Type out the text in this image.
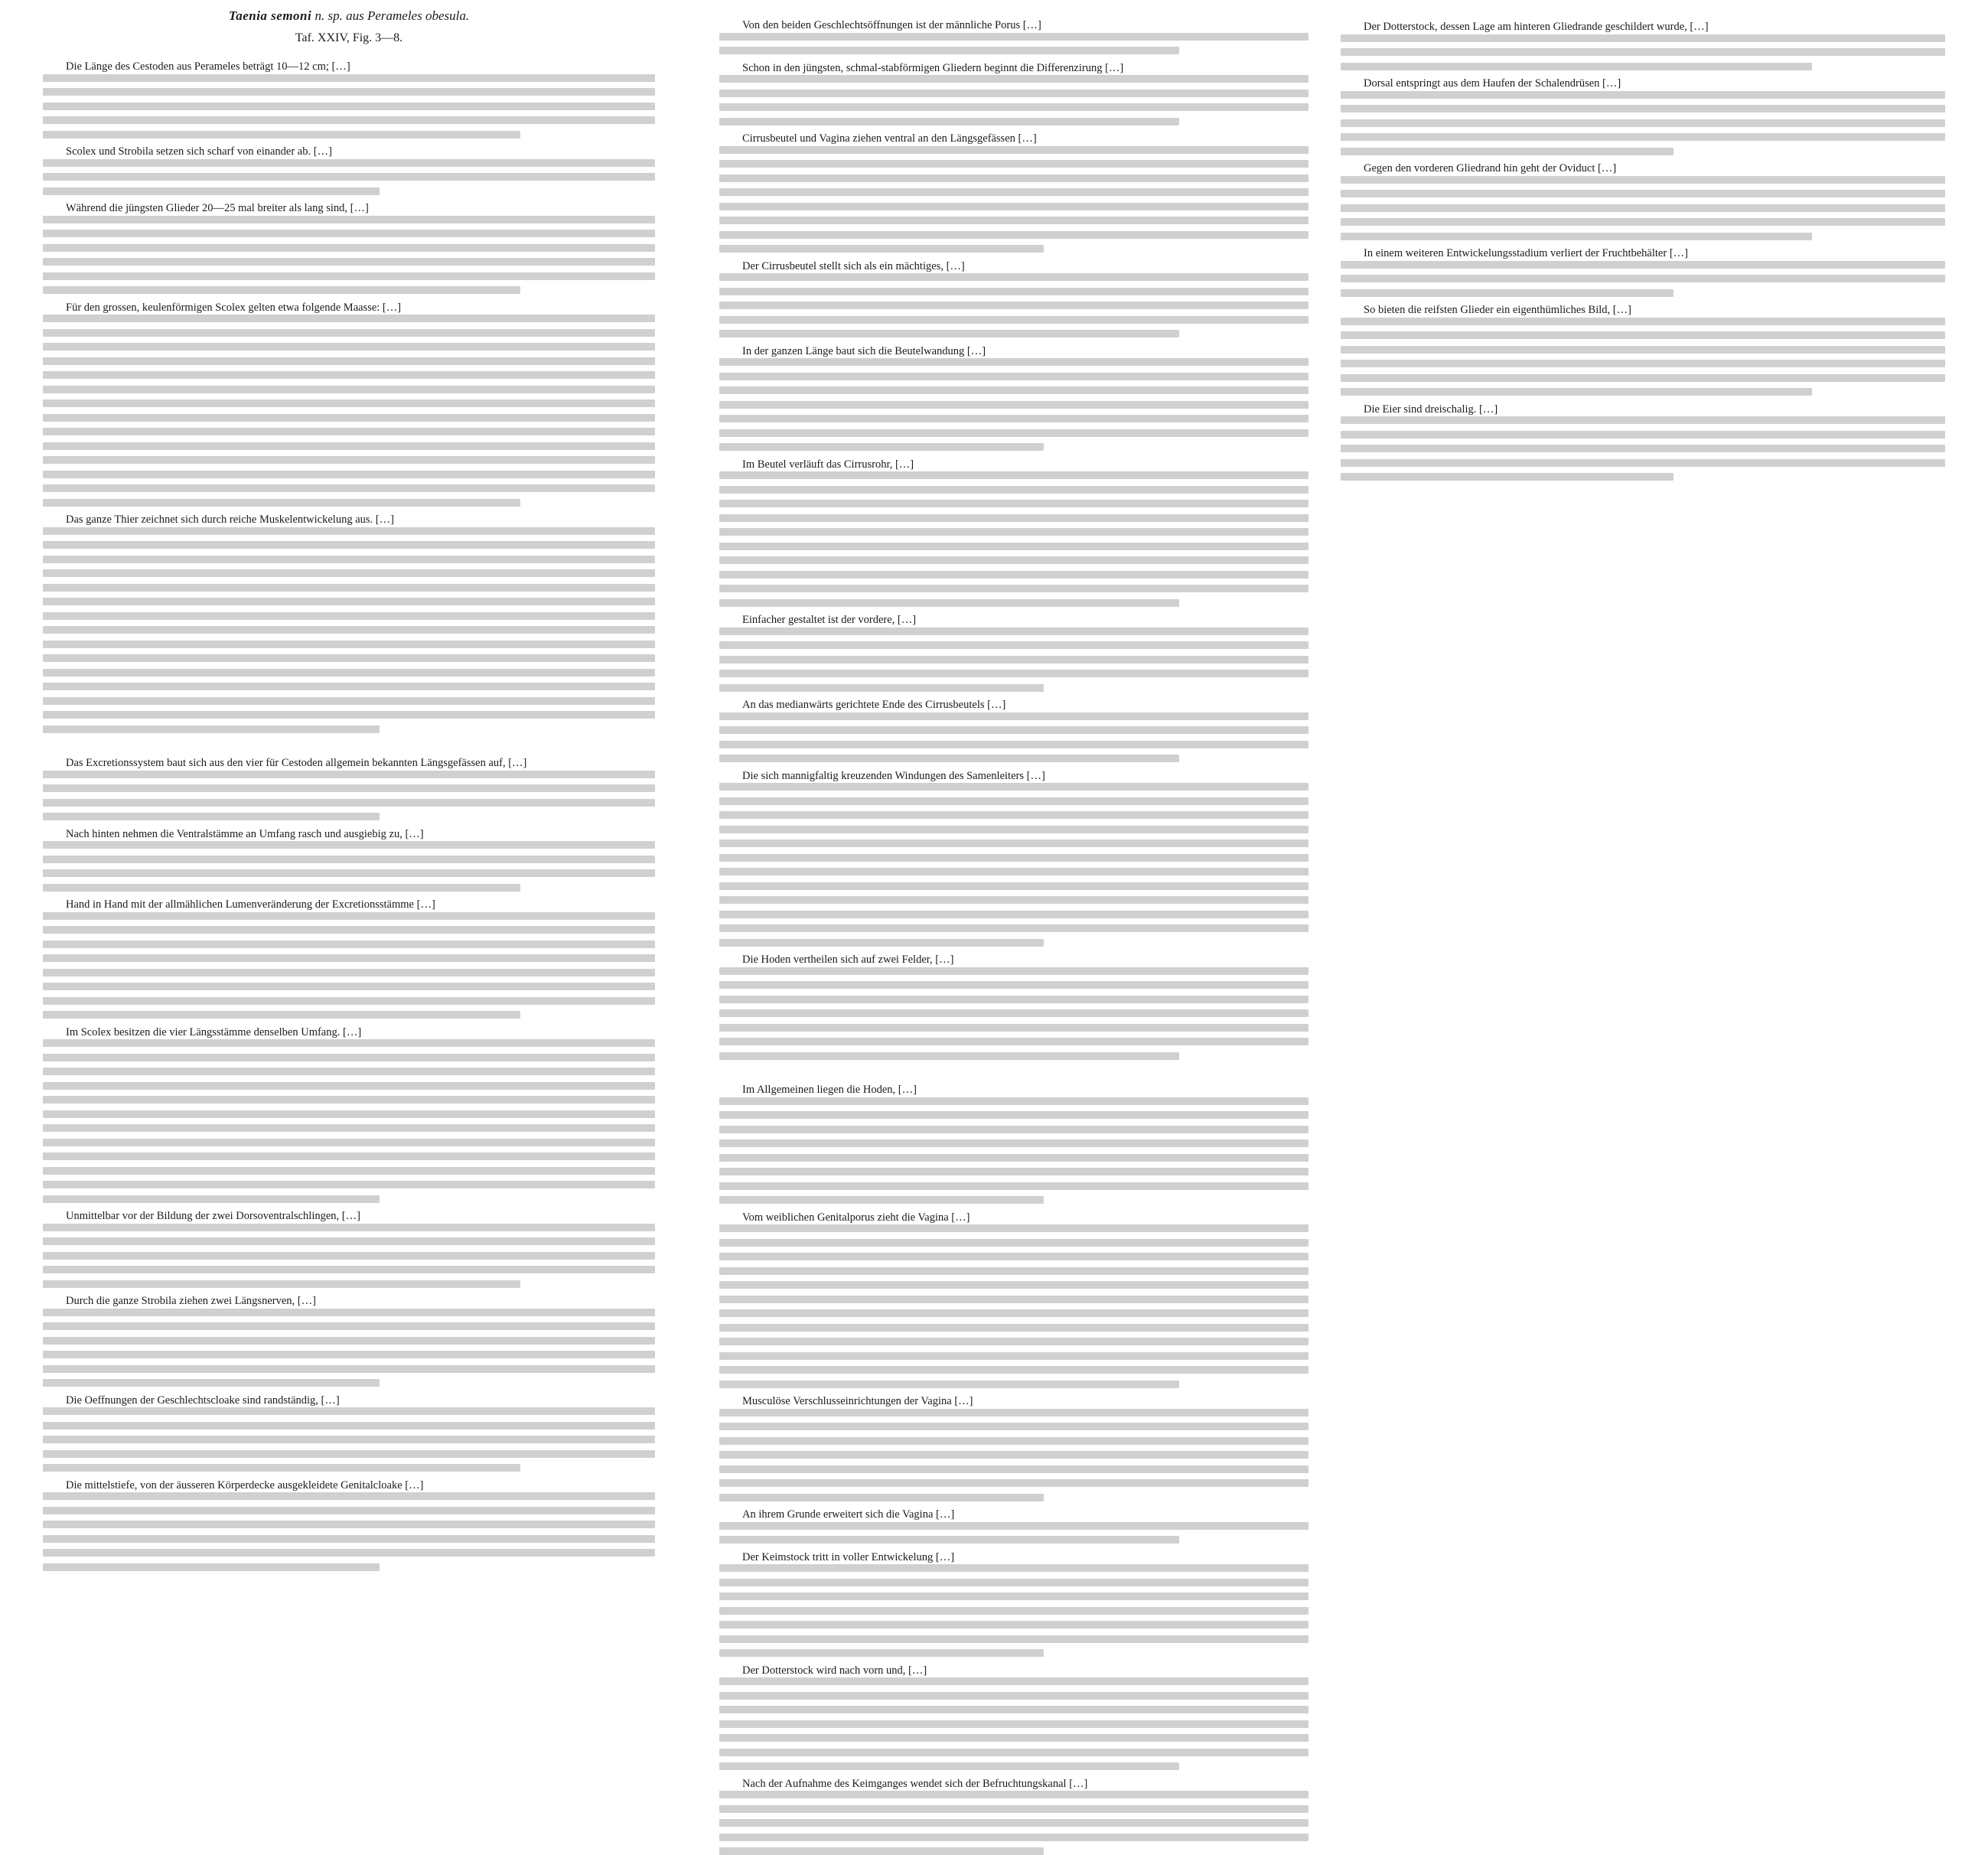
Taenia semoni n. sp. aus Perameles obesula.
Taf. XXIV, Fig. 3—8.
Die Länge des Cestoden aus Perameles beträgt 10—12 cm; […]
Scolex und Strobila setzen sich scharf von einander ab. […]
Während die jüngsten Glieder 20—25 mal breiter als lang sind, […]
Für den grossen, keulenförmigen Scolex gelten etwa folgende Maasse: […]
Das ganze Thier zeichnet sich durch reiche Muskelentwickelung aus. […]
Das Excretionssystem baut sich aus den vier für Cestoden allgemein bekannten Längsgefässen auf, […]
Nach hinten nehmen die Ventralstämme an Umfang rasch und ausgiebig zu, […]
Hand in Hand mit der allmählichen Lumenveränderung der Excretionsstämme […]
Im Scolex besitzen die vier Längsstämme denselben Umfang. […]
Unmittelbar vor der Bildung der zwei Dorsoventralschlingen, […]
Durch die ganze Strobila ziehen zwei Längsnerven, […]
Die Oeffnungen der Geschlechtscloake sind randständig, […]
Die mittelstiefe, von der äusseren Körperdecke ausgekleidete Genitalcloake […]
Von den beiden Geschlechtsöffnungen ist der männliche Porus […]
Schon in den jüngsten, schmal-stabförmigen Gliedern beginnt die Differenzirung […]
Cirrusbeutel und Vagina ziehen ventral an den Längsgefässen […]
Der Cirrusbeutel stellt sich als ein mächtiges, […]
In der ganzen Länge baut sich die Beutelwandung […]
Im Beutel verläuft das Cirrusrohr, […]
Einfacher gestaltet ist der vordere, […]
An das medianwärts gerichtete Ende des Cirrusbeutels […]
Die sich mannigfaltig kreuzenden Windungen des Samenleiters […]
Die Hoden vertheilen sich auf zwei Felder, […]
Im Allgemeinen liegen die Hoden, […]
Vom weiblichen Genitalporus zieht die Vagina […]
Musculöse Verschlusseinrichtungen der Vagina […]
An ihrem Grunde erweitert sich die Vagina […]
Der Keimstock tritt in voller Entwickelung […]
Der Dotterstock wird nach vorn und, […]
Nach der Aufnahme des Keimganges wendet sich der Befruchtungskanal […]
Der Dotterstock, dessen Lage am hinteren Gliedrande geschildert wurde, […]
Dorsal entspringt aus dem Haufen der Schalendrüsen […]
Gegen den vorderen Gliedrand hin geht der Oviduct […]
In einem weiteren Entwickelungsstadium verliert der Fruchtbehälter […]
So bieten die reifsten Glieder ein eigenthümliches Bild, […]
Die Eier sind dreischalig. […]
